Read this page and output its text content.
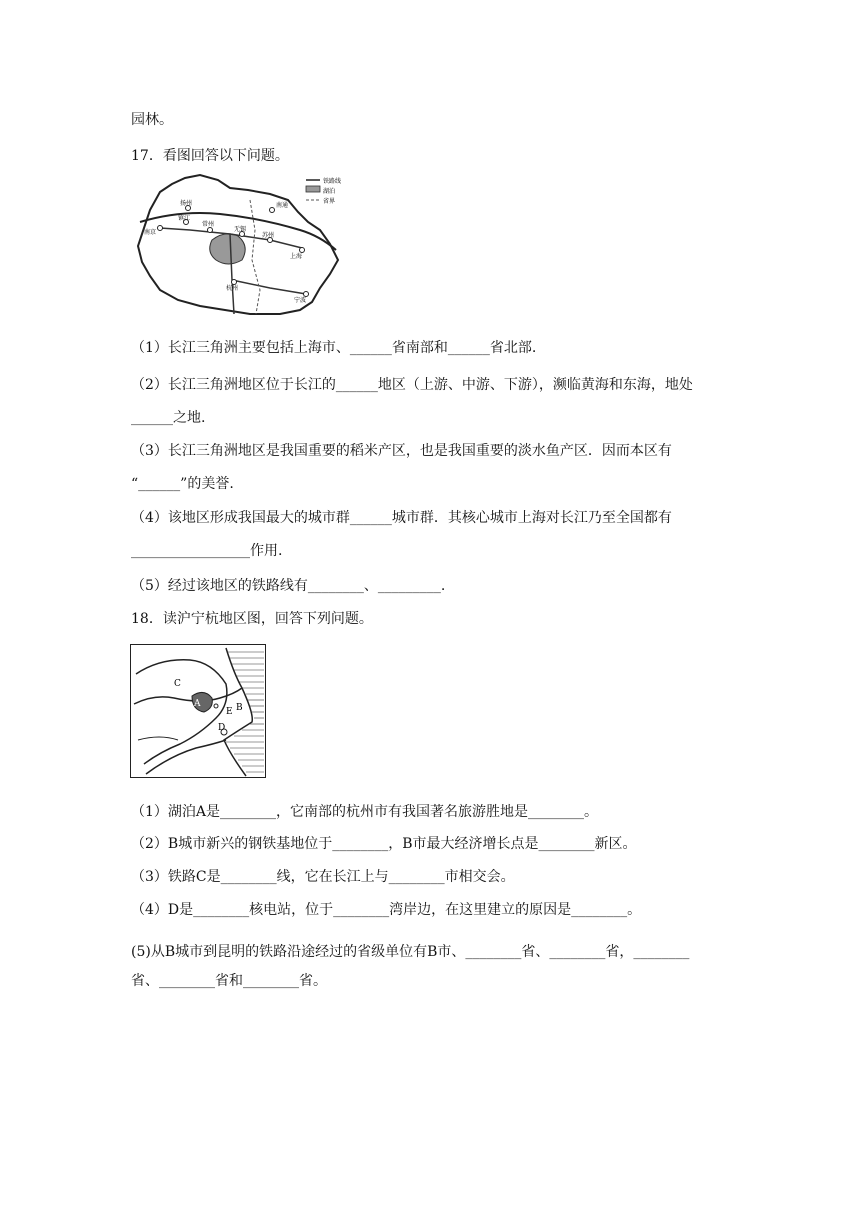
园林。
17．看图回答以下问题。
铁路线
湖泊
省界
扬州	南通
南京
镇江
常州
无锡
苏州
上海
杭州
宁波
（1）长江三角洲主要包括上海市、______省南部和______省北部.
（2）长江三角洲地区位于长江的______地区（上游、中游、下游），濒临黄海和东海，地处
______之地.
（3）长江三角洲地区是我国重要的稻米产区，也是我国重要的淡水鱼产区．因而本区有
“______”的美誉.
（4）该地区形成我国最大的城市群______城市群．其核心城市上海对长江乃至全国都有
_________________作用.
（5）经过该地区的铁路线有________、_________.
18．读沪宁杭地区图，回答下列问题。
C
A
E B
D
（1）湖泊A是________，它南部的杭州市有我国著名旅游胜地是________。
（2）B城市新兴的钢铁基地位于________，B市最大经济增长点是________新区。
（3）铁路C是________线，它在长江上与________市相交会。
（4）D是________核电站，位于________湾岸边，在这里建立的原因是________。
(5)从B城市到昆明的铁路沿途经过的省级单位有B市、________省、________省，________
省、________省和________省。
